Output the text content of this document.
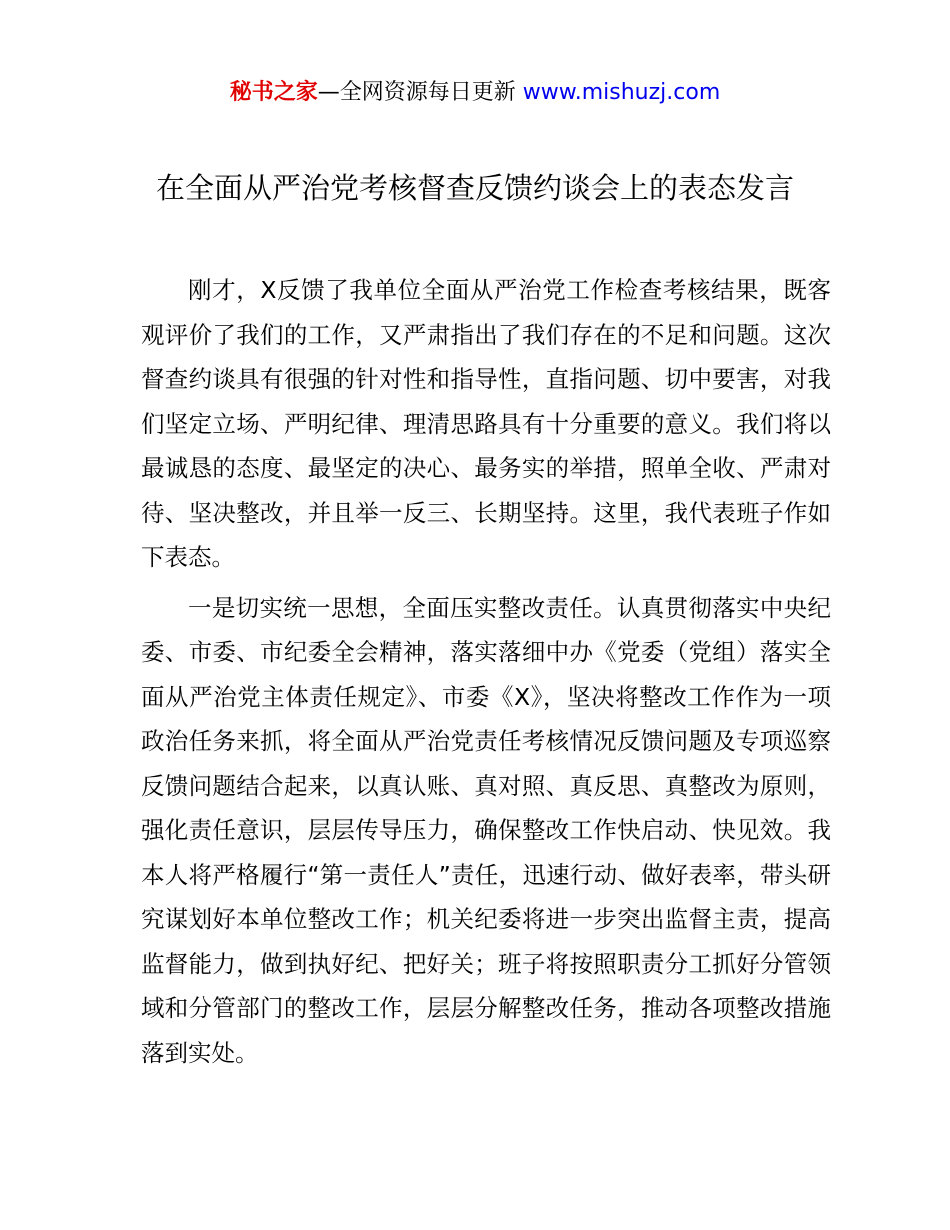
秘书之家—全网资源每日更新 www.mishuzj.com
在全面从严治党考核督查反馈约谈会上的表态发言

刚才，X反馈了我单位全面从严治党工作检查考核结果，既客观评价了我们的工作，又严肃指出了我们存在的不足和问题。这次督查约谈具有很强的针对性和指导性，直指问题、切中要害，对我们坚定立场、严明纪律、理清思路具有十分重要的意义。我们将以最诚恳的态度、最坚定的决心、最务实的举措，照单全收、严肃对待、坚决整改，并且举一反三、长期坚持。这里，我代表班子作如下表态。

一是切实统一思想，全面压实整改责任。认真贯彻落实中央纪委、市委、市纪委全会精神，落实落细中办《党委（党组）落实全面从严治党主体责任规定》、市委《X》，坚决将整改工作作为一项政治任务来抓，将全面从严治党责任考核情况反馈问题及专项巡察反馈问题结合起来，以真认账、真对照、真反思、真整改为原则，强化责任意识，层层传导压力，确保整改工作快启动、快见效。我本人将严格履行“第一责任人”责任，迅速行动、做好表率，带头研究谋划好本单位整改工作；机关纪委将进一步突出监督主责，提高监督能力，做到执好纪、把好关；班子将按照职责分工抓好分管领域和分管部门的整改工作，层层分解整改任务，推动各项整改措施落到实处。
